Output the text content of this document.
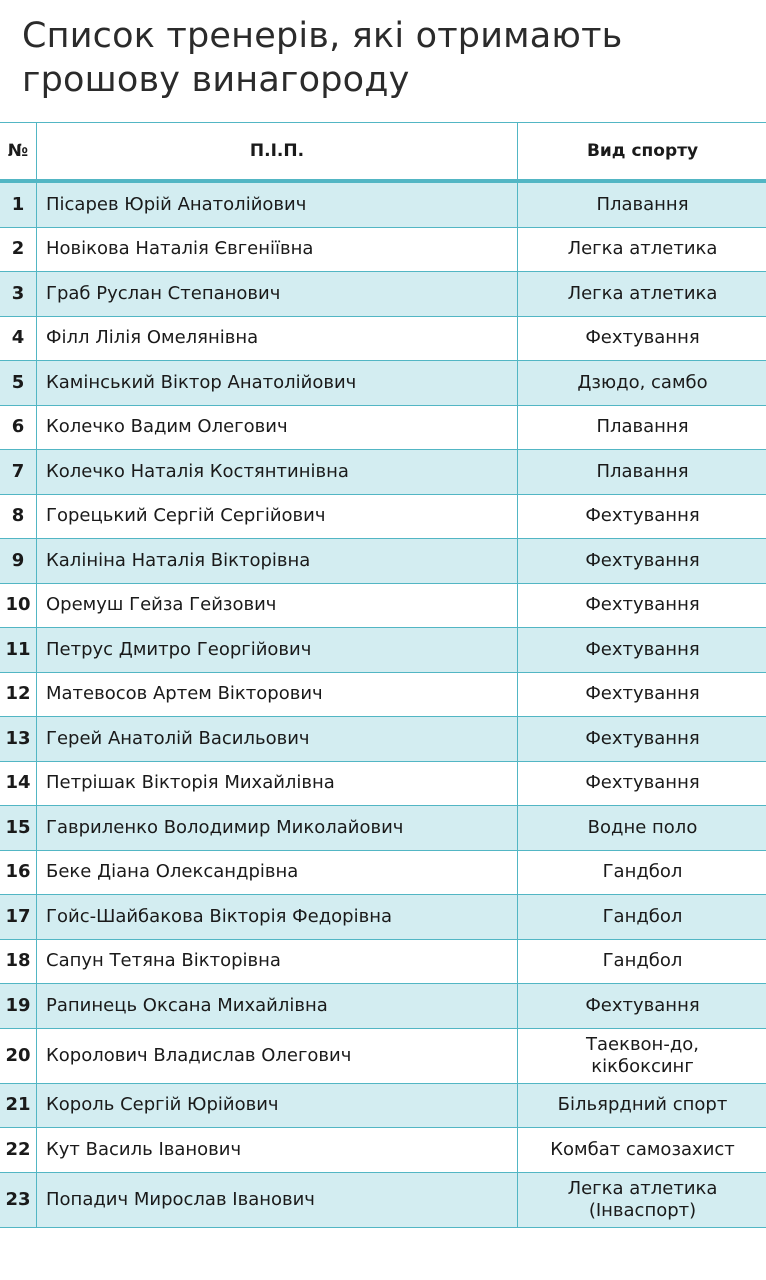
Список тренерів, які отримають
грошову винагороду
№	П.І.П.	Вид спорту
1	Пісарев Юрій Анатолійович	Плавання
2	Новікова Наталія Євгеніївна	Легка атлетика
3	Граб Руслан Степанович	Легка атлетика
4	Філл Лілія Омелянівна	Фехтування
5	Камінський Віктор Анатолійович	Дзюдо, самбо
6	Колечко Вадим Олегович	Плавання
7	Колечко Наталія Костянтинівна	Плавання
8	Горецький Сергій Сергійович	Фехтування
9	Калініна Наталія Вікторівна	Фехтування
10	Оремуш Гейза Гейзович	Фехтування
11	Петрус Дмитро Георгійович	Фехтування
12	Матевосов Артем Вікторович	Фехтування
13	Герей Анатолій Васильович	Фехтування
14	Петрішак Вікторія Михайлівна	Фехтування
15	Гавриленко Володимир Миколайович	Водне поло
16	Беке Діана Олександрівна	Гандбол
17	Гойс-Шайбакова Вікторія Федорівна	Гандбол
18	Сапун Тетяна Вікторівна	Гандбол
19	Рапинець Оксана Михайлівна	Фехтування
20	Королович Владислав Олегович	Таеквон-до,
кікбоксинг
21	Король Сергій Юрійович	Більярдний спорт
22	Кут Василь Іванович	Комбат самозахист
23	Попадич Мирослав Іванович	Легка атлетика
(Інваспорт)
